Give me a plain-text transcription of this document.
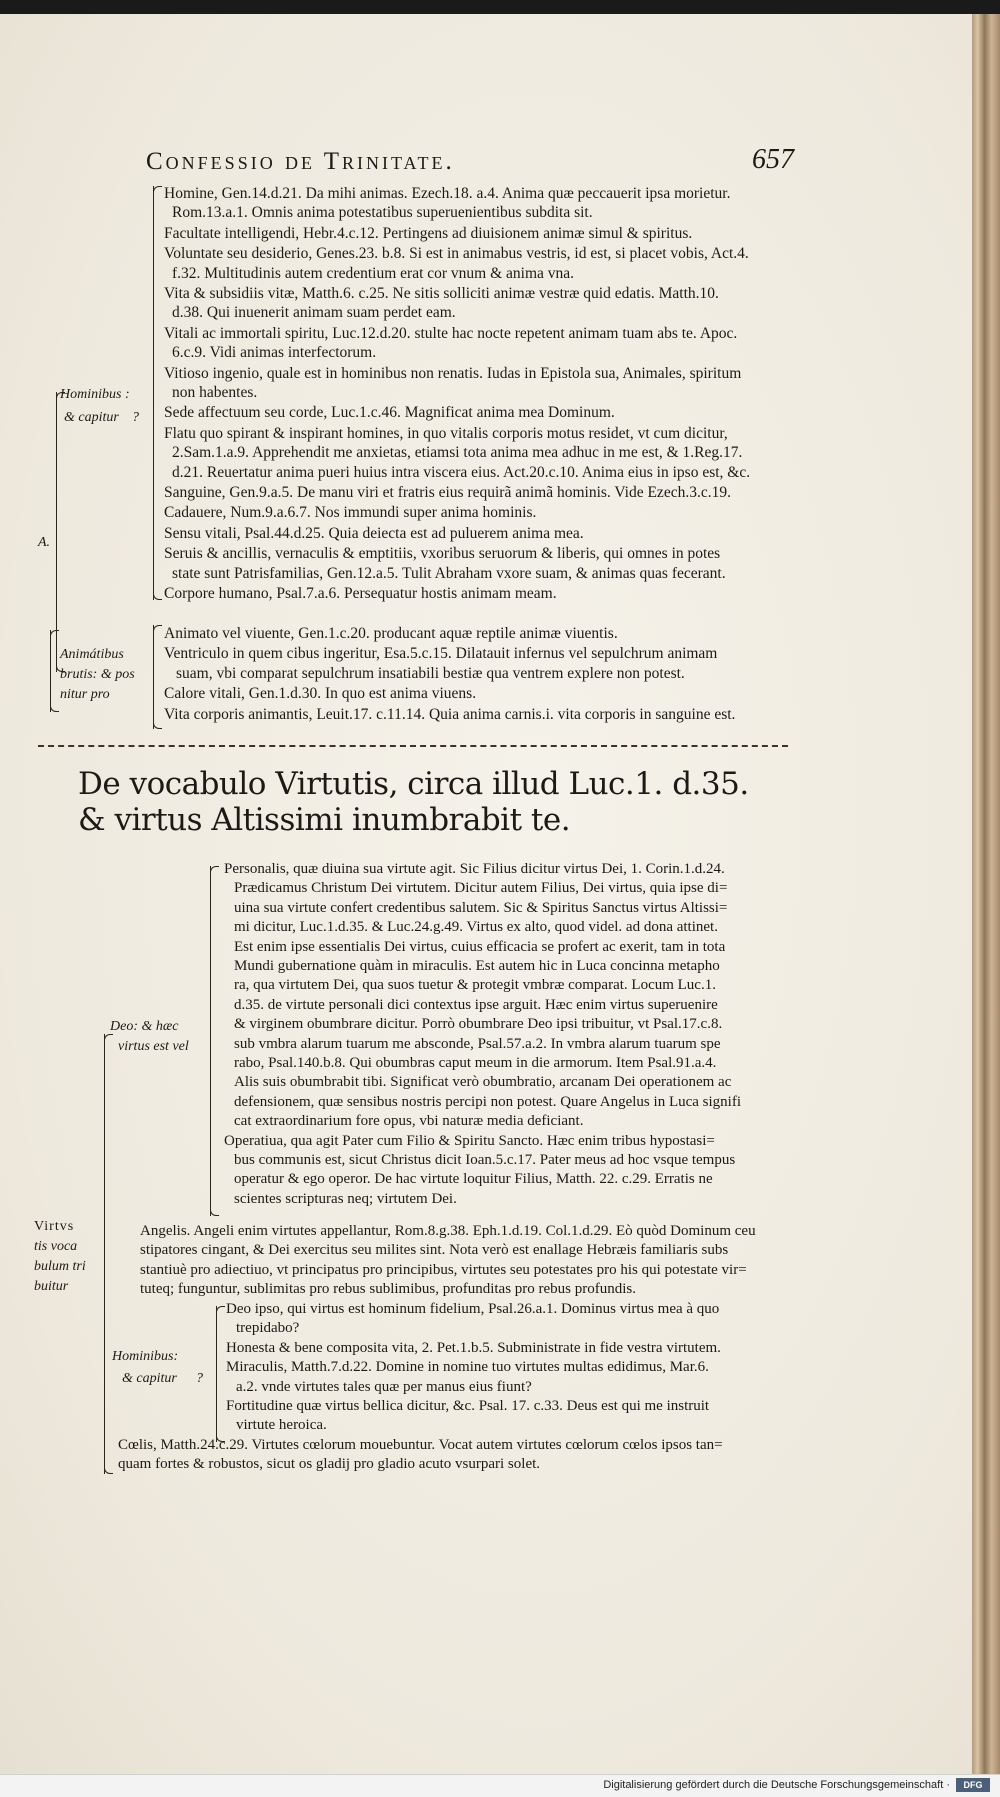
Confessio de Trinitate.	657
A.
Hominibus :
& capitur ?
Homine, Gen.14.d.21. Da mihi animas. Ezech.18. a.4. Anima quæ peccauerit ipsa morietur.
Rom.13.a.1. Omnis anima potestatibus superuenientibus subdita sit.
Facultate intelligendi, Hebr.4.c.12. Pertingens ad diuisionem animæ simul & spiritus.
Voluntate seu desiderio, Genes.23. b.8. Si est in animabus vestris, id est, si placet vobis, Act.4.
f.32. Multitudinis autem credentium erat cor vnum & anima vna.
Vita & subsidiis vitæ, Matth.6. c.25. Ne sitis solliciti animæ vestræ quid edatis. Matth.10.
d.38. Qui inuenerit animam suam perdet eam.
Vitali ac immortali spiritu, Luc.12.d.20. stulte hac nocte repetent animam tuam abs te. Apoc.
6.c.9. Vidi animas interfectorum.
Vitioso ingenio, quale est in hominibus non renatis. Iudas in Epistola sua, Animales, spiritum
non habentes.
Sede affectuum seu corde, Luc.1.c.46. Magnificat anima mea Dominum.
Flatu quo spirant & inspirant homines, in quo vitalis corporis motus residet, vt cum dicitur,
2.Sam.1.a.9. Apprehendit me anxietas, etiamsi tota anima mea adhuc in me est, & 1.Reg.17.
d.21. Reuertatur anima pueri huius intra viscera eius. Act.20.c.10. Anima eius in ipso est, &c.
Sanguine, Gen.9.a.5. De manu viri et fratris eius requirã animã hominis. Vide Ezech.3.c.19.
Cadauere, Num.9.a.6.7. Nos immundi super anima hominis.
Sensu vitali, Psal.44.d.25. Quia deiecta est ad puluerem anima mea.
Seruis & ancillis, vernaculis & emptitiis, vxoribus seruorum & liberis, qui omnes in potes
state sunt Patrisfamilias, Gen.12.a.5. Tulit Abraham vxore suam, & animas quas fecerant.
Corpore humano, Psal.7.a.6. Persequatur hostis animam meam.
Animátibus
brutis: & pos
nitur pro
Animato vel viuente, Gen.1.c.20. producant aquæ reptile animæ viuentis.
Ventriculo in quem cibus ingeritur, Esa.5.c.15. Dilatauit infernus vel sepulchrum animam
suam, vbi comparat sepulchrum insatiabili bestiæ qua ventrem explere non potest.
Calore vitali, Gen.1.d.30. In quo est anima viuens.
Vita corporis animantis, Leuit.17. c.11.14. Quia anima carnis.i. vita corporis in sanguine est.
De vocabulo Virtutis, circa illud Luc.1. d.35. & virtus Altissimi inumbrabit te.
Virtvs
tis voca
bulum tri
buitur
Deo: & hæc
virtus est vel
Personalis, quæ diuina sua virtute agit. Sic Filius dicitur virtus Dei, 1. Corin.1.d.24.
Prædicamus Christum Dei virtutem. Dicitur autem Filius, Dei virtus, quia ipse di=
uina sua virtute confert credentibus salutem. Sic & Spiritus Sanctus virtus Altissi=
mi dicitur, Luc.1.d.35. & Luc.24.g.49. Virtus ex alto, quod videl. ad dona attinet.
Est enim ipse essentialis Dei virtus, cuius efficacia se profert ac exerit, tam in tota
Mundi gubernatione quàm in miraculis. Est autem hic in Luca concinna metapho
ra, qua virtutem Dei, qua suos tuetur & protegit vmbræ comparat. Locum Luc.1.
d.35. de virtute personali dici contextus ipse arguit. Hæc enim virtus superuenire
& virginem obumbrare dicitur. Porrò obumbrare Deo ipsi tribuitur, vt Psal.17.c.8.
sub vmbra alarum tuarum me absconde, Psal.57.a.2. In vmbra alarum tuarum spe
rabo, Psal.140.b.8. Qui obumbras caput meum in die armorum. Item Psal.91.a.4.
Alis suis obumbrabit tibi. Significat verò obumbratio, arcanam Dei operationem ac
defensionem, quæ sensibus nostris percipi non potest. Quare Angelus in Luca signifi
cat extraordinarium fore opus, vbi naturæ media deficiant.
Operatiua, qua agit Pater cum Filio & Spiritu Sancto. Hæc enim tribus hypostasi=
bus communis est, sicut Christus dicit Ioan.5.c.17. Pater meus ad hoc vsque tempus
operatur & ego operor. De hac virtute loquitur Filius, Matth. 22. c.29. Erratis ne
scientes scripturas neq; virtutem Dei.
Angelis. Angeli enim virtutes appellantur, Rom.8.g.38. Eph.1.d.19. Col.1.d.29. Eò quòd Dominum ceu
stipatores cingant, & Dei exercitus seu milites sint. Nota verò est enallage Hebræis familiaris subs
stantiuè pro adiectiuo, vt principatus pro principibus, virtutes seu potestates pro his qui potestate vir=
tuteq; funguntur, sublimitas pro rebus sublimibus, profunditas pro rebus profundis.
Hominibus:
& capitur ?
Deo ipso, qui virtus est hominum fidelium, Psal.26.a.1. Dominus virtus mea à quo
trepidabo?
Honesta & bene composita vita, 2. Pet.1.b.5. Subministrate in fide vestra virtutem.
Miraculis, Matth.7.d.22. Domine in nomine tuo virtutes multas edidimus, Mar.6.
a.2. vnde virtutes tales quæ per manus eius fiunt?
Fortitudine quæ virtus bellica dicitur, &c. Psal. 17. c.33. Deus est qui me instruit
virtute heroica.
Cœlis, Matth.24.c.29. Virtutes cœlorum mouebuntur. Vocat autem virtutes cœlorum cœlos ipsos tan=
quam fortes & robustos, sicut os gladij pro gladio acuto vsurpari solet.
Digitalisierung gefördert durch die Deutsche Forschungsgemeinschaft ·	DFG
